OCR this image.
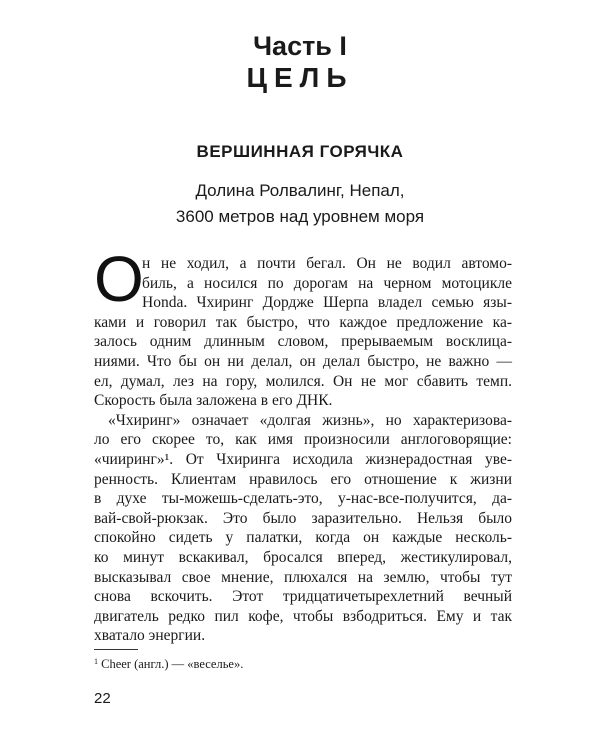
Часть I
ЦЕЛЬ
ВЕРШИННАЯ ГОРЯЧКА
Долина Ролвалинг, Непал,
3600 метров над уровнем моря
О
н не ходил, а почти бегал. Он не водил автомо-
биль, а носился по дорогам на черном мотоцикле
Honda. Чхиринг Дордже Шерпа владел семью язы-
ками и говорил так быстро, что каждое предложение ка-
залось одним длинным словом, прерываемым восклица-
ниями. Что бы он ни делал, он делал быстро, не важно —
ел, думал, лез на гору, молился. Он не мог сбавить темп.
Скорость была заложена в его ДНК.
«Чхиринг» означает «долгая жизнь», но характеризова-
ло его скорее то, как имя произносили англоговорящие:
«чииринг»¹. От Чхиринга исходила жизнерадостная уве-
ренность. Клиентам нравилось его отношение к жизни
в духе ты-можешь-сделать-это, у-нас-все-получится, да-
вай-свой-рюкзак. Это было заразительно. Нельзя было
спокойно сидеть у палатки, когда он каждые несколь-
ко минут вскакивал, бросался вперед, жестикулировал,
высказывал свое мнение, плюхался на землю, чтобы тут
снова вскочить. Этот тридцатичетырехлетний вечный
двигатель редко пил кофе, чтобы взбодриться. Ему и так
хватало энергии.
$^1$ Cheer (англ.) — «веселье».
22
